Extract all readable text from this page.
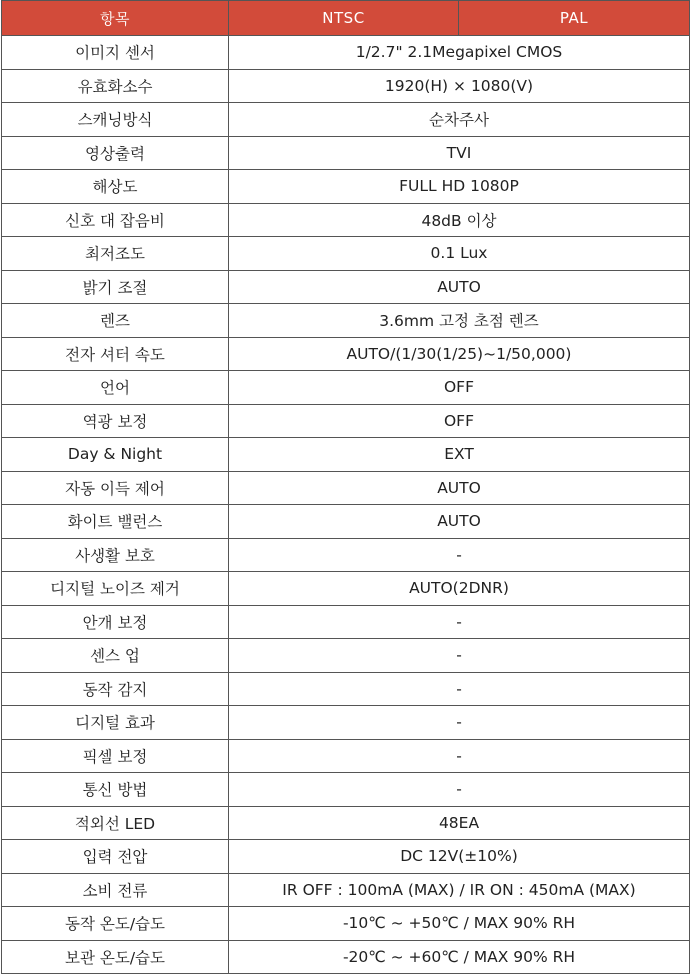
항목	NTSC	PAL
이미지 센서	1/2.7" 2.1Megapixel CMOS	
유효화소수	1920(H) × 1080(V)	
스캐닝방식	순차주사	
영상출력	TVI	
해상도	FULL HD 1080P	
신호 대 잡음비	48dB 이상	
최저조도	0.1 Lux	
밝기 조절	AUTO	
렌즈	3.6mm 고정 초점 렌즈	
전자 셔터 속도	AUTO/(1/30(1/25)~1/50,000)	
언어	OFF	
역광 보정	OFF	
Day & Night	EXT	
자동 이득 제어	AUTO	
화이트 밸런스	AUTO	
사생활 보호	-	
디지털 노이즈 제거	AUTO(2DNR)	
안개 보정	-	
센스 업	-	
동작 감지	-	
디지털 효과	-	
픽셀 보정	-	
통신 방법	-	
적외선 LED	48EA	
입력 전압	DC 12V(±10%)	
소비 전류	IR OFF : 100mA (MAX) / IR ON : 450mA (MAX)	
동작 온도/습도	-10℃ ~ +50℃ / MAX 90% RH	
보관 온도/습도	-20℃ ~ +60℃ / MAX 90% RH	
